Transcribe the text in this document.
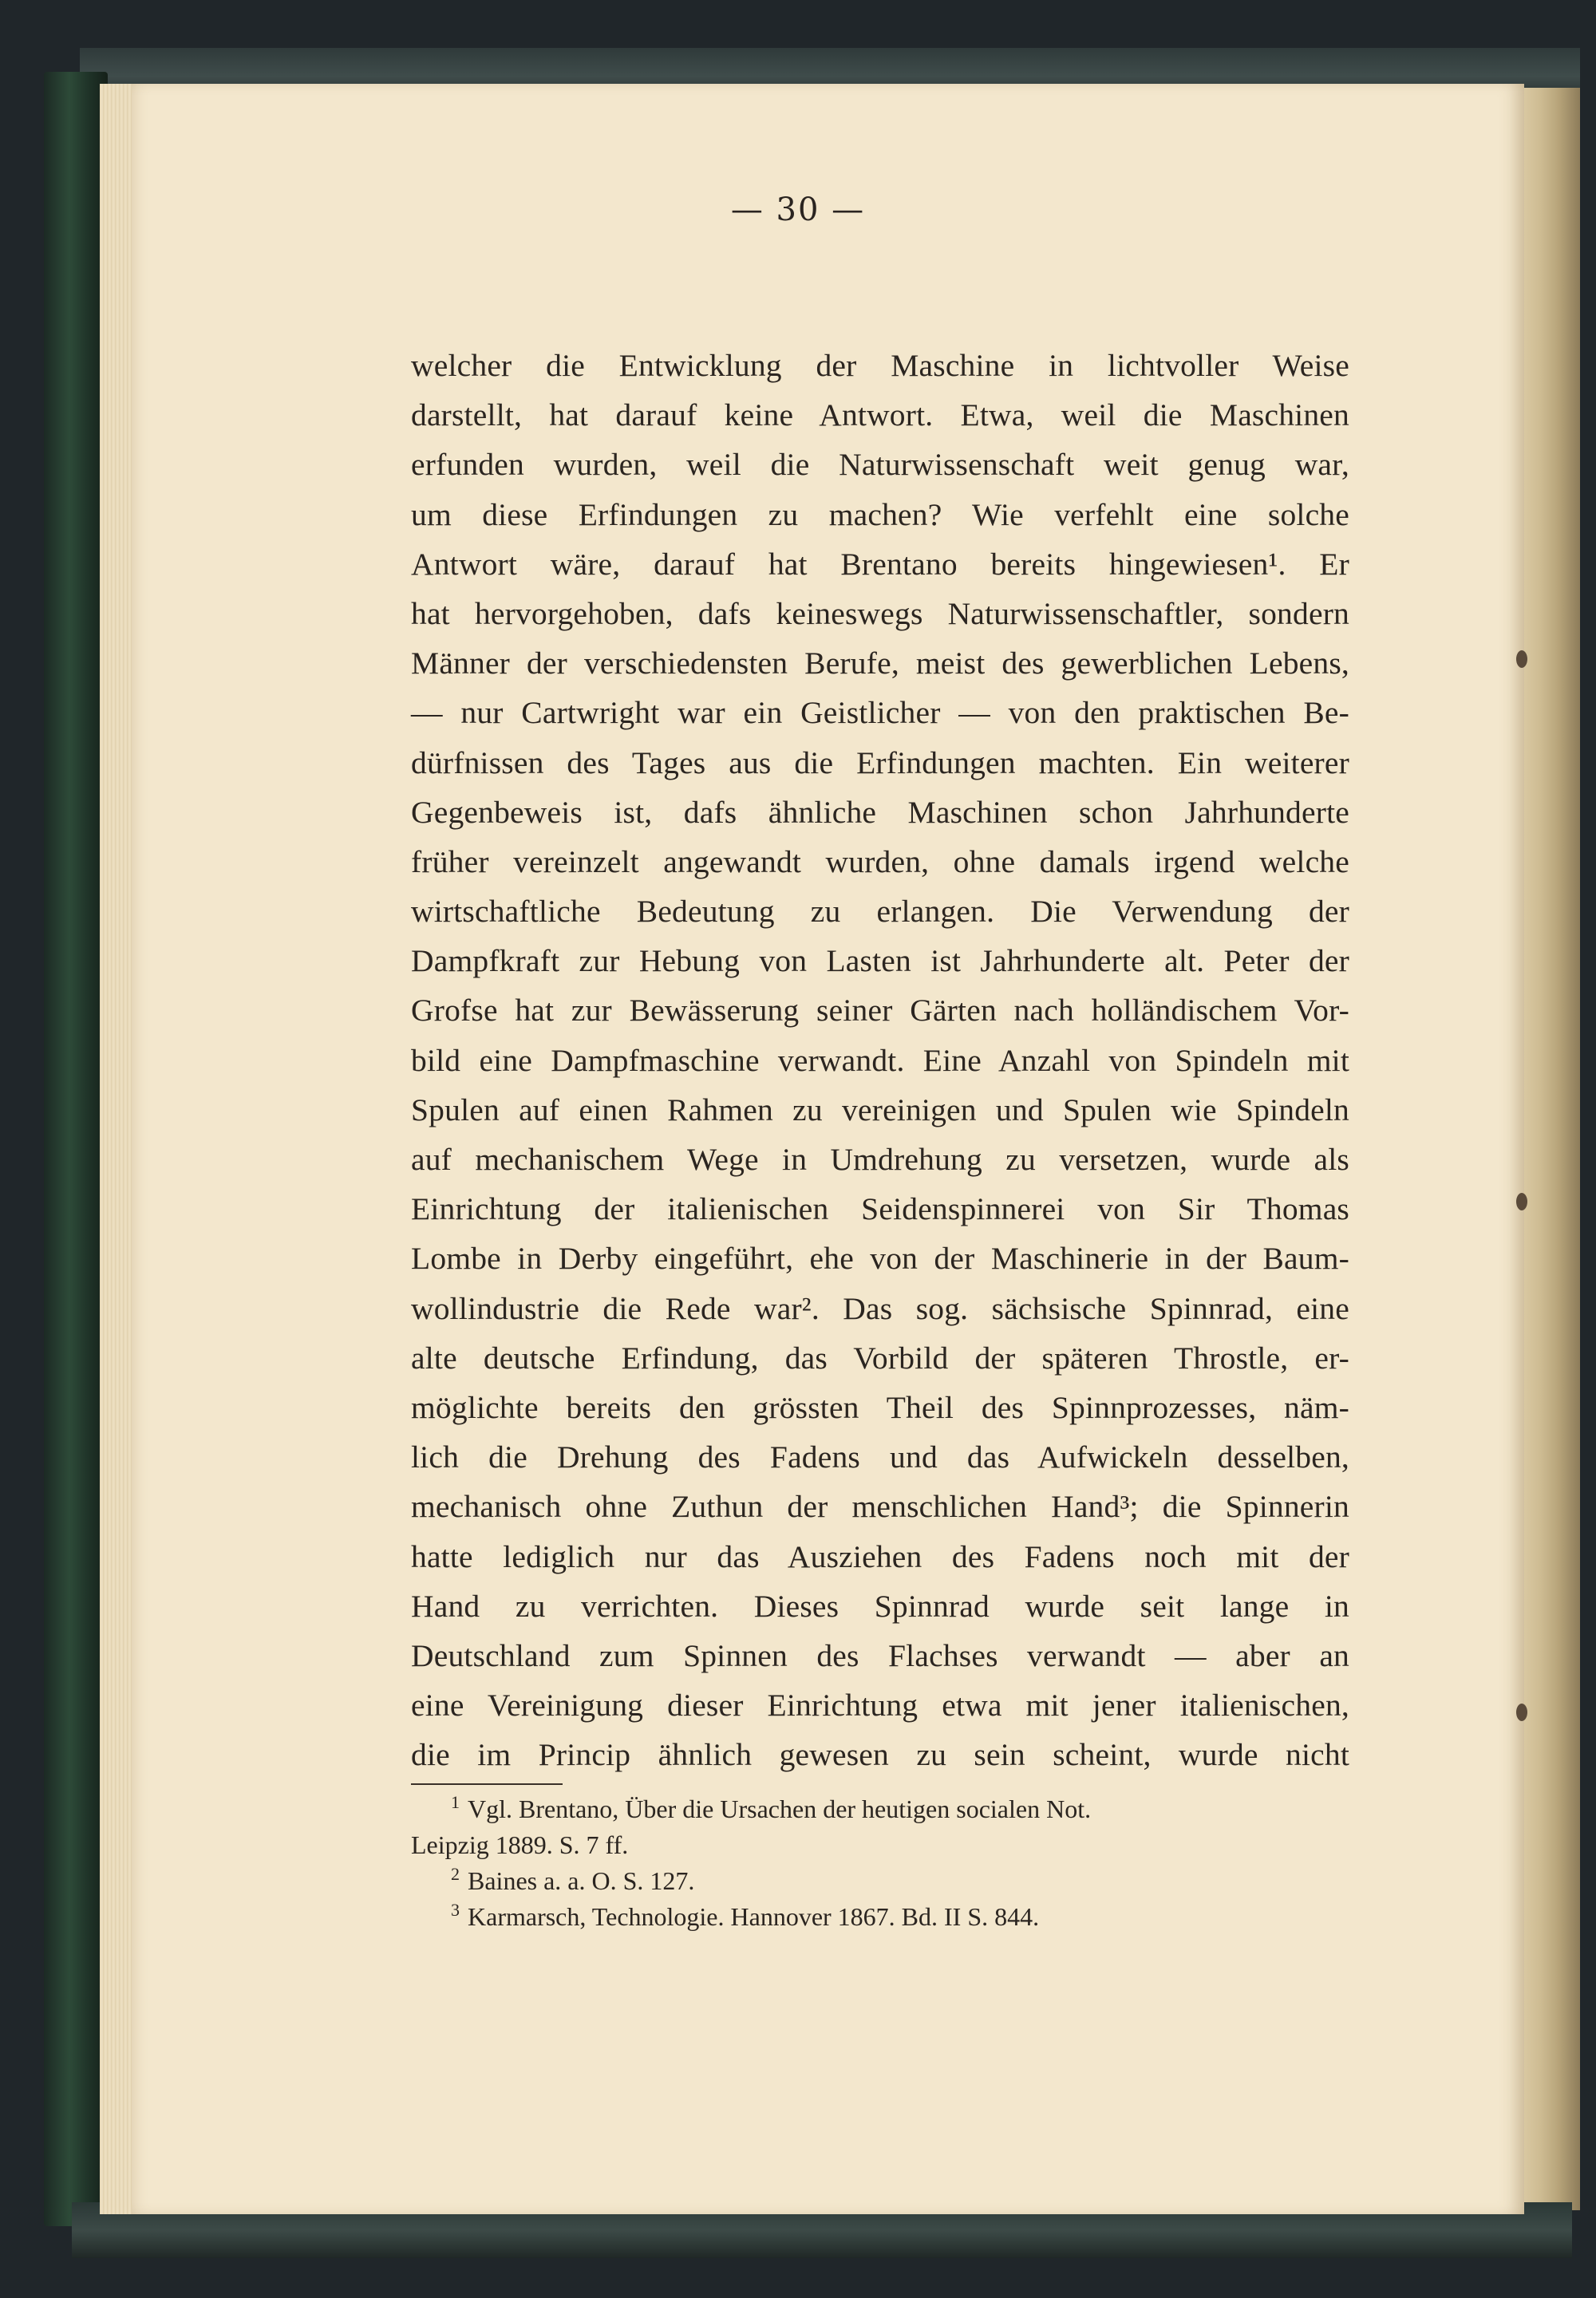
— 30 —
welcher die Entwicklung der Maschine in lichtvoller Weise
darstellt, hat darauf keine Antwort. Etwa, weil die Maschinen
erfunden wurden, weil die Naturwissenschaft weit genug war,
um diese Erfindungen zu machen? Wie verfehlt eine solche
Antwort wäre, darauf hat Brentano bereits hingewiesen¹. Er
hat hervorgehoben, dafs keineswegs Naturwissenschaftler, sondern
Männer der verschiedensten Berufe, meist des gewerblichen Lebens,
— nur Cartwright war ein Geistlicher — von den praktischen Be-
dürfnissen des Tages aus die Erfindungen machten. Ein weiterer
Gegenbeweis ist, dafs ähnliche Maschinen schon Jahrhunderte
früher vereinzelt angewandt wurden, ohne damals irgend welche
wirtschaftliche Bedeutung zu erlangen. Die Verwendung der
Dampfkraft zur Hebung von Lasten ist Jahrhunderte alt. Peter der
Grofse hat zur Bewässerung seiner Gärten nach holländischem Vor-
bild eine Dampfmaschine verwandt. Eine Anzahl von Spindeln mit
Spulen auf einen Rahmen zu vereinigen und Spulen wie Spindeln
auf mechanischem Wege in Umdrehung zu versetzen, wurde als
Einrichtung der italienischen Seidenspinnerei von Sir Thomas
Lombe in Derby eingeführt, ehe von der Maschinerie in der Baum-
wollindustrie die Rede war². Das sog. sächsische Spinnrad, eine
alte deutsche Erfindung, das Vorbild der späteren Throstle, er-
möglichte bereits den grössten Theil des Spinnprozesses, näm-
lich die Drehung des Fadens und das Aufwickeln desselben,
mechanisch ohne Zuthun der menschlichen Hand³; die Spinnerin
hatte lediglich nur das Ausziehen des Fadens noch mit der
Hand zu verrichten. Dieses Spinnrad wurde seit lange in
Deutschland zum Spinnen des Flachses verwandt — aber an
eine Vereinigung dieser Einrichtung etwa mit jener italienischen,
die im Princip ähnlich gewesen zu sein scheint, wurde nicht
$^1$ Vgl. Brentano, Über die Ursachen der heutigen socialen Not.
Leipzig 1889. S. 7 ff.
$^2$ Baines a. a. O. S. 127.
$^3$ Karmarsch, Technologie. Hannover 1867. Bd. II S. 844.
